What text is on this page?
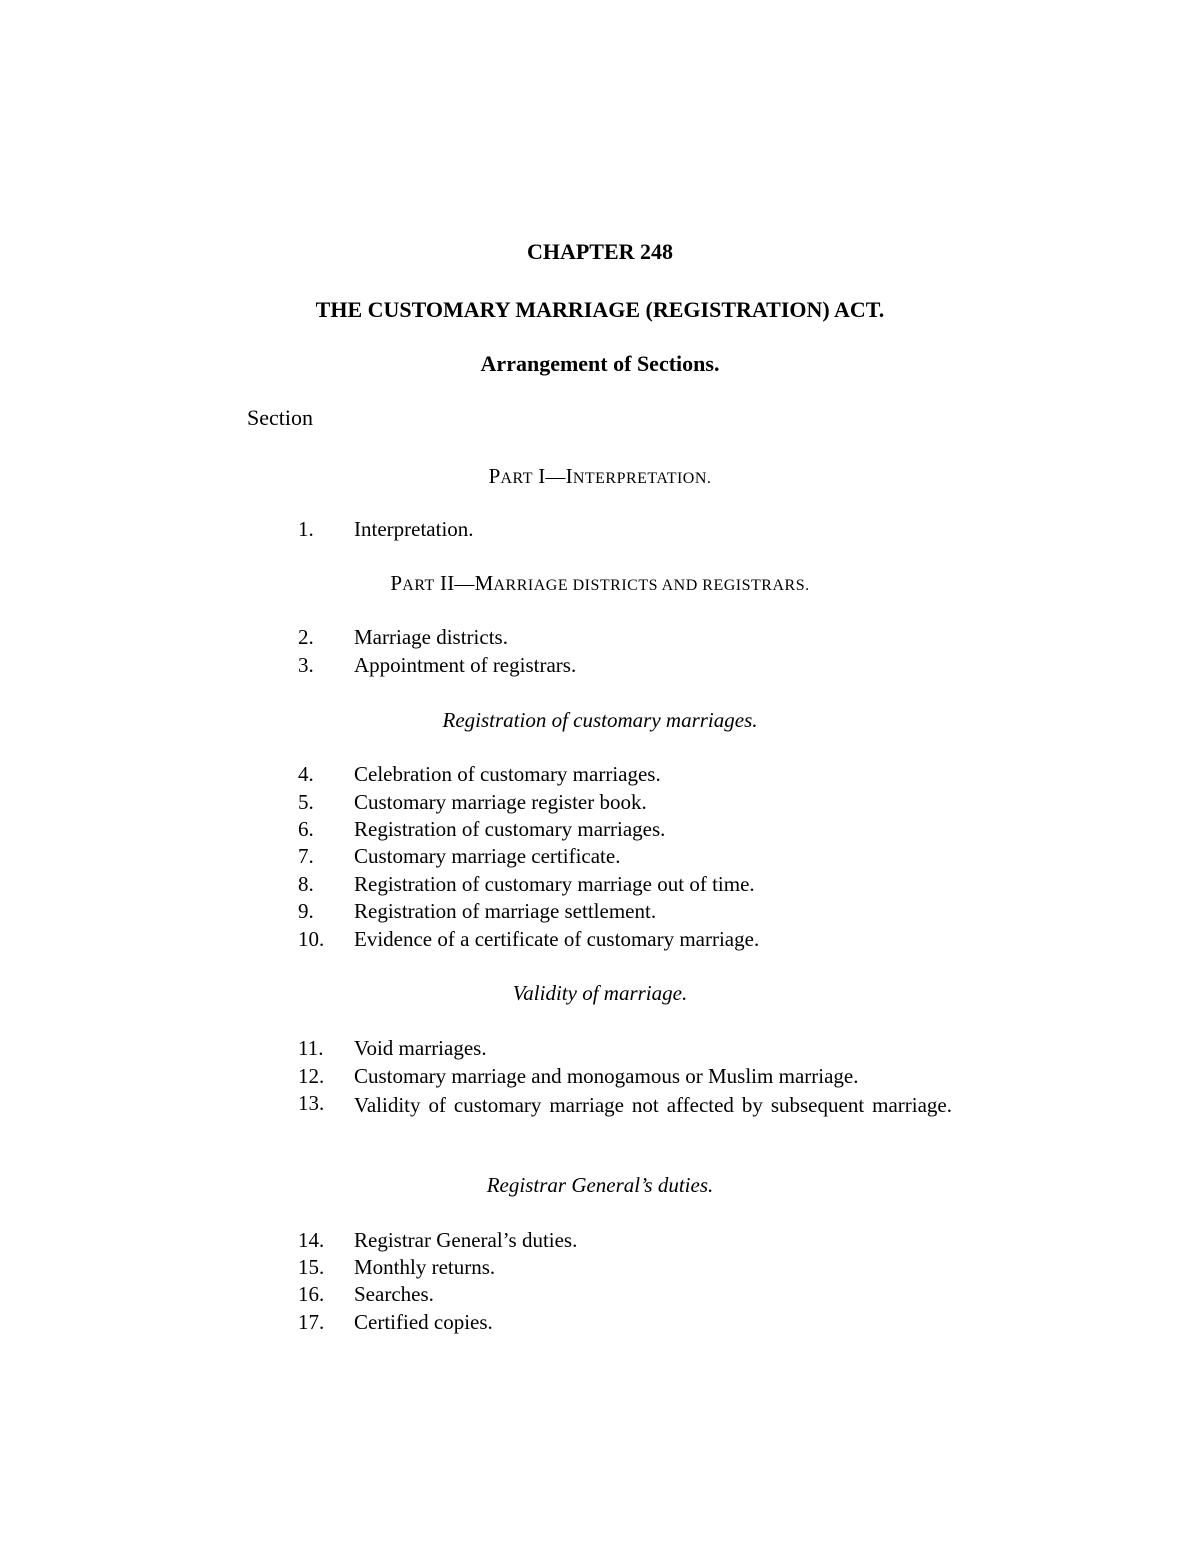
CHAPTER 248
THE CUSTOMARY MARRIAGE (REGISTRATION) ACT.
Arrangement of Sections.
Section
PART I—INTERPRETATION.
1.	Interpretation.
PART II—MARRIAGE DISTRICTS AND REGISTRARS.
2.	Marriage districts.
3.	Appointment of registrars.
Registration of customary marriages.
4.	Celebration of customary marriages.
5.	Customary marriage register book.
6.	Registration of customary marriages.
7.	Customary marriage certificate.
8.	Registration of customary marriage out of time.
9.	Registration of marriage settlement.
10.	Evidence of a certificate of customary marriage.
Validity of marriage.
11.	Void marriages.
12.	Customary marriage and monogamous or Muslim marriage.
13.	Validity of customary marriage not affected by subsequent marriage.
Registrar General’s duties.
14.	Registrar General’s duties.
15.	Monthly returns.
16.	Searches.
17.	Certified copies.
